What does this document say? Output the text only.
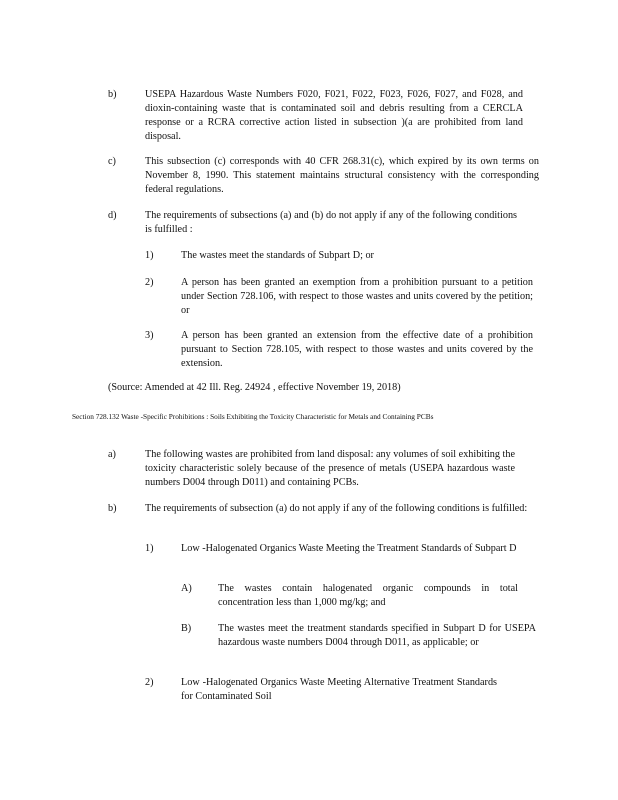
b)	USEPA Hazardous Waste Numbers F020, F021, F022, F023, F026, F027, and F028, and dioxin-containing waste that is contaminated soil and debris resulting from a CERCLA response or a RCRA corrective action listed in subsection )(a are prohibited from land disposal.
c)	This subsection (c) corresponds with 40 CFR 268.31(c), which expired by its own terms on November 8, 1990. This statement maintains structural consistency with the corresponding federal regulations.
d)	The requirements of subsections (a) and (b) do not apply if any of the following conditions is fulfilled :
1)	The wastes meet the standards of Subpart D; or
2)	A person has been granted an exemption from a prohibition pursuant to a petition under Section 728.106, with respect to those wastes and units covered by the petition; or
3)	A person has been granted an extension from the effective date of a prohibition pursuant to Section 728.105, with respect to those wastes and units covered by the extension.
(Source: Amended at 42 Ill. Reg. 24924 , effective November 19, 2018)
Section 728.132 Waste -Specific Prohibitions : Soils Exhibiting the Toxicity Characteristic for Metals and Containing PCBs
a)	The following wastes are prohibited from land disposal: any volumes of soil exhibiting the toxicity characteristic solely because of the presence of metals (USEPA hazardous waste numbers D004 through D011) and containing PCBs.
b)	The requirements of subsection (a) do not apply if any of the following conditions is fulfilled:
1)	Low -Halogenated Organics Waste Meeting the Treatment Standards of Subpart D
A)	The wastes contain halogenated organic compounds in total concentration less than 1,000 mg/kg; and
B)	The wastes meet the treatment standards specified in Subpart D for USEPA hazardous waste numbers D004 through D011, as applicable; or
2)	Low -Halogenated Organics Waste Meeting Alternative Treatment Standards for Contaminated Soil
